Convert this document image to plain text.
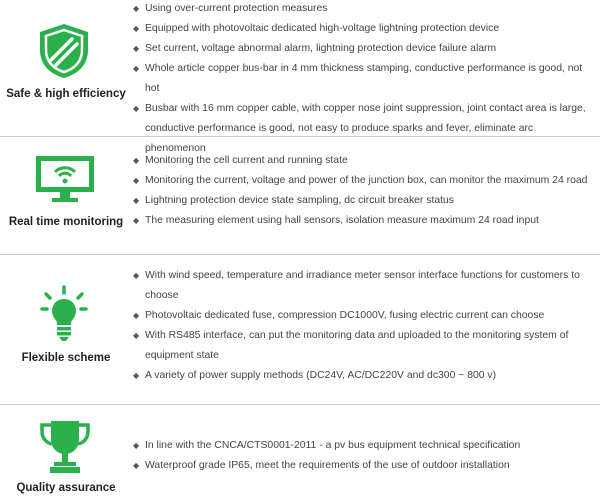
Safe & high efficiency
◆ Using over-current protection measures
◆ Equipped with photovoltaic dedicated high-voltage lightning protection device
◆ Set current, voltage abnormal alarm, lightning protection device failure alarm
◆ Whole article copper bus-bar in 4 mm thickness stamping, conductive performance is good, not hot
◆ Busbar with 16 mm copper cable, with copper nose joint suppression, joint contact area is large,
conductive performance is good, not easy to produce sparks and fever, eliminate arc phenomenon
Real time monitoring
◆ Monitoring the cell current and running state
◆ Monitoring the current, voltage and power of the junction box, can monitor the maximum 24 road
◆ Lightning protection device state sampling, dc circuit breaker status
◆ The measuring element using hall sensors, isolation measure maximum 24 road input
Flexible scheme
◆ With wind speed, temperature and irradiance meter sensor interface functions for customers to
choose
◆ Photovoltaic dedicated fuse, compression DC1000V, fusing electric current can choose
◆ With RS485 interface, can put the monitoring data and uploaded to the monitoring system of
equipment state
◆ A variety of power supply methods (DC24V, AC/DC220V and dc300 ~ 800 v)
Quality assurance
◆ In line with the CNCA/CTS0001-2011 - a pv bus equipment technical specification
◆ Waterproof grade IP65, meet the requirements of the use of outdoor installation
